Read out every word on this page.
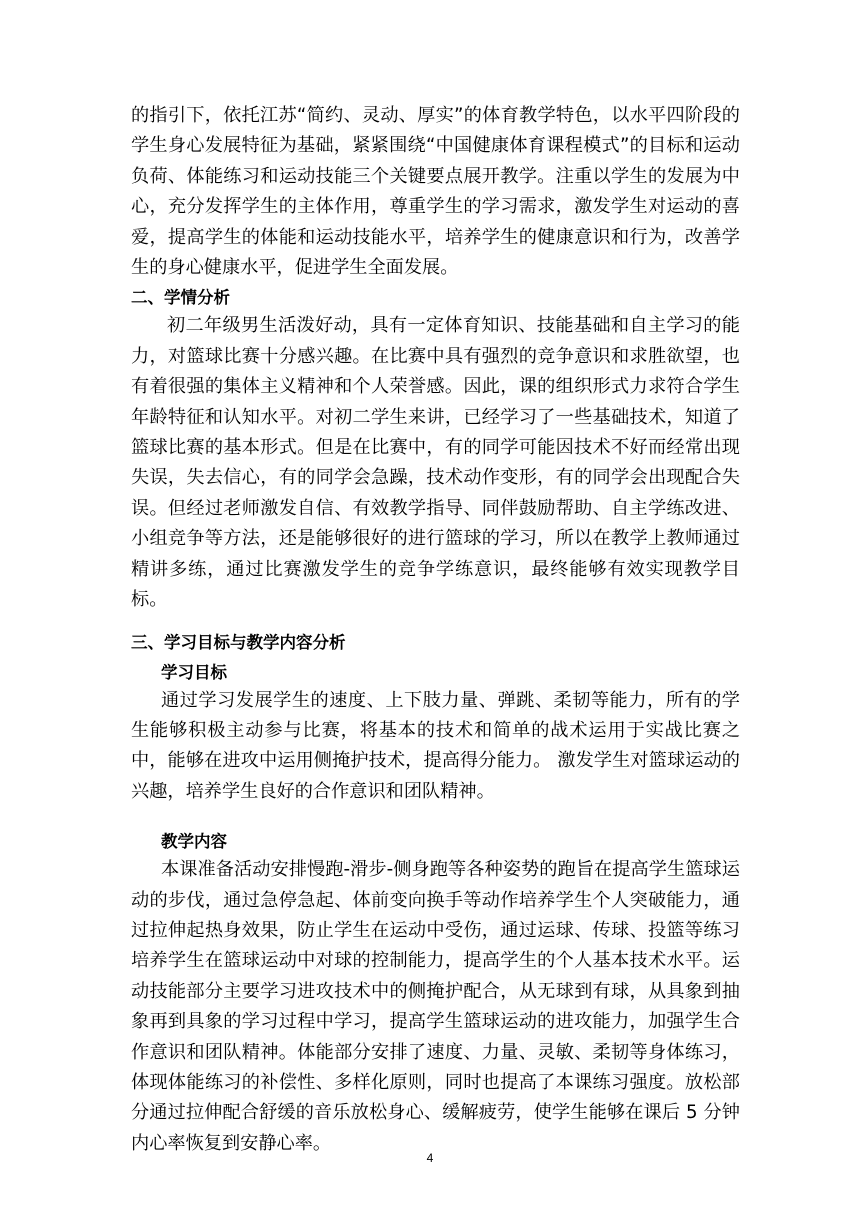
的指引下，依托江苏“简约、灵动、厚实”的体育教学特色，以水平四阶段的学生身心发展特征为基础，紧紧围绕“中国健康体育课程模式”的目标和运动负荷、体能练习和运动技能三个关键要点展开教学。注重以学生的发展为中心，充分发挥学生的主体作用，尊重学生的学习需求，激发学生对运动的喜爱，提高学生的体能和运动技能水平，培养学生的健康意识和行为，改善学生的身心健康水平，促进学生全面发展。

二、学情分析

初二年级男生活泼好动，具有一定体育知识、技能基础和自主学习的能力，对篮球比赛十分感兴趣。在比赛中具有强烈的竞争意识和求胜欲望，也有着很强的集体主义精神和个人荣誉感。因此，课的组织形式力求符合学生年龄特征和认知水平。对初二学生来讲，已经学习了一些基础技术，知道了篮球比赛的基本形式。但是在比赛中，有的同学可能因技术不好而经常出现失误，失去信心，有的同学会急躁，技术动作变形，有的同学会出现配合失误。但经过老师激发自信、有效教学指导、同伴鼓励帮助、自主学练改进、小组竞争等方法，还是能够很好的进行篮球的学习，所以在教学上教师通过精讲多练，通过比赛激发学生的竞争学练意识，最终能够有效实现教学目标。

三、学习目标与教学内容分析

学习目标

通过学习发展学生的速度、上下肢力量、弹跳、柔韧等能力，所有的学生能够积极主动参与比赛，将基本的技术和简单的战术运用于实战比赛之中，能够在进攻中运用侧掩护技术，提高得分能力。 激发学生对篮球运动的兴趣，培养学生良好的合作意识和团队精神。

教学内容

本课准备活动安排慢跑-滑步-侧身跑等各种姿势的跑旨在提高学生篮球运动的步伐，通过急停急起、体前变向换手等动作培养学生个人突破能力，通过拉伸起热身效果，防止学生在运动中受伤，通过运球、传球、投篮等练习培养学生在篮球运动中对球的控制能力，提高学生的个人基本技术水平。运动技能部分主要学习进攻技术中的侧掩护配合，从无球到有球，从具象到抽象再到具象的学习过程中学习，提高学生篮球运动的进攻能力，加强学生合作意识和团队精神。体能部分安排了速度、力量、灵敏、柔韧等身体练习，体现体能练习的补偿性、多样化原则，同时也提高了本课练习强度。放松部分通过拉伸配合舒缓的音乐放松身心、缓解疲劳，使学生能够在课后 5 分钟内心率恢复到安静心率。

4
